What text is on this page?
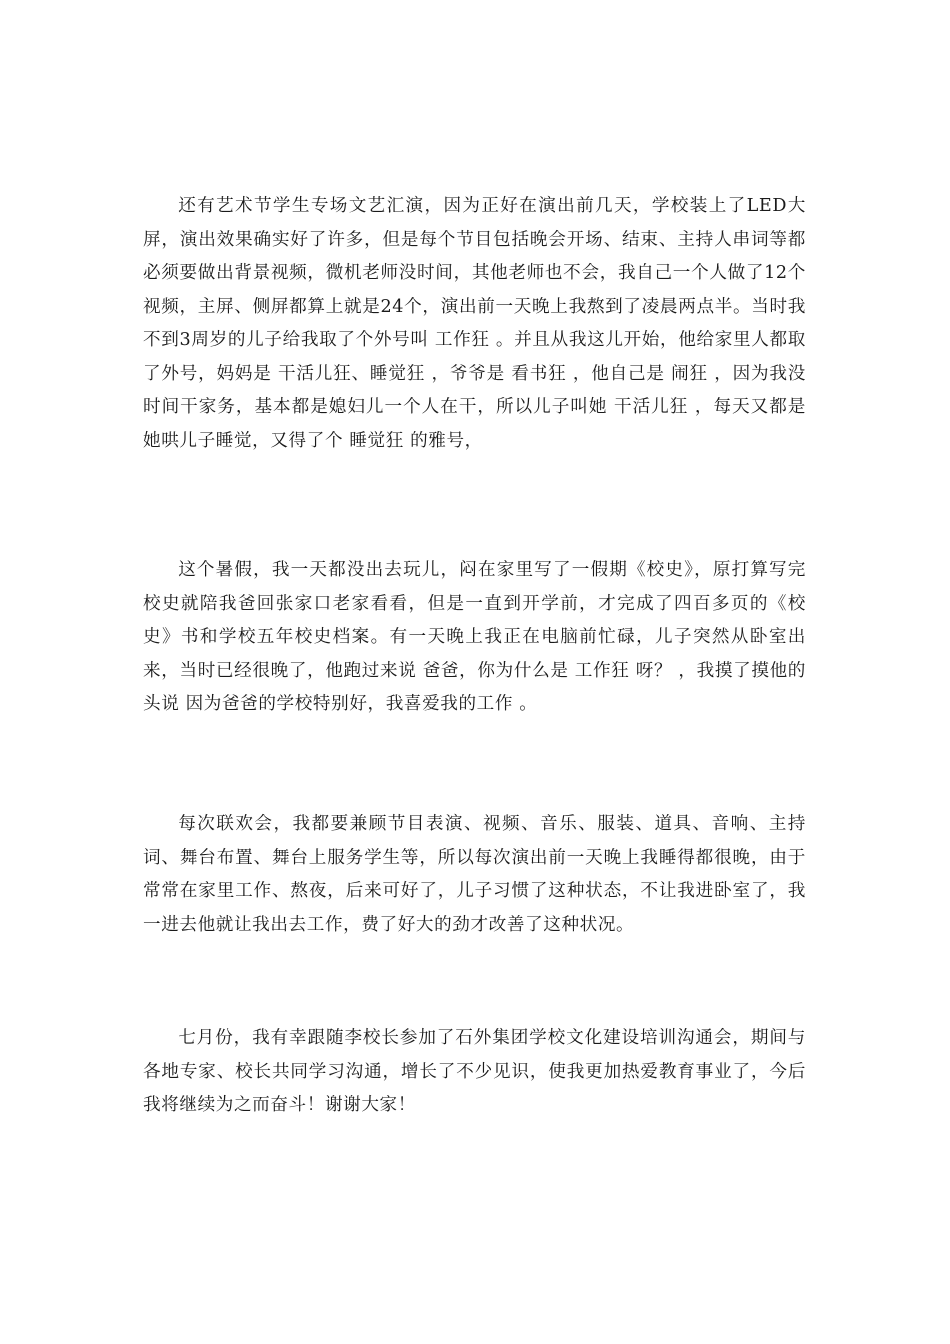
还有艺术节学生专场文艺汇演，因为正好在演出前几天，学校装上了LED大屏，演出效果确实好了许多，但是每个节目包括晚会开场、结束、主持人串词等都必须要做出背景视频，微机老师没时间，其他老师也不会，我自己一个人做了12个视频，主屏、侧屏都算上就是24个，演出前一天晚上我熬到了凌晨两点半。当时我不到3周岁的儿子给我取了个外号叫 工作狂 。并且从我这儿开始，他给家里人都取了外号，妈妈是 干活儿狂、睡觉狂 ，爷爷是 看书狂 ，他自己是 闹狂 ，因为我没时间干家务，基本都是媳妇儿一个人在干，所以儿子叫她 干活儿狂 ，每天又都是她哄儿子睡觉，又得了个 睡觉狂 的雅号，

这个暑假，我一天都没出去玩儿，闷在家里写了一假期《校史》，原打算写完校史就陪我爸回张家口老家看看，但是一直到开学前，才完成了四百多页的《校史》书和学校五年校史档案。有一天晚上我正在电脑前忙碌，儿子突然从卧室出来，当时已经很晚了，他跑过来说 爸爸，你为什么是 工作狂 呀？ ，我摸了摸他的头说 因为爸爸的学校特别好，我喜爱我的工作 。

每次联欢会，我都要兼顾节目表演、视频、音乐、服装、道具、音响、主持词、舞台布置、舞台上服务学生等，所以每次演出前一天晚上我睡得都很晚，由于常常在家里工作、熬夜，后来可好了，儿子习惯了这种状态，不让我进卧室了，我一进去他就让我出去工作，费了好大的劲才改善了这种状况。

七月份，我有幸跟随李校长参加了石外集团学校文化建设培训沟通会，期间与各地专家、校长共同学习沟通，增长了不少见识，使我更加热爱教育事业了，今后我将继续为之而奋斗！谢谢大家！
